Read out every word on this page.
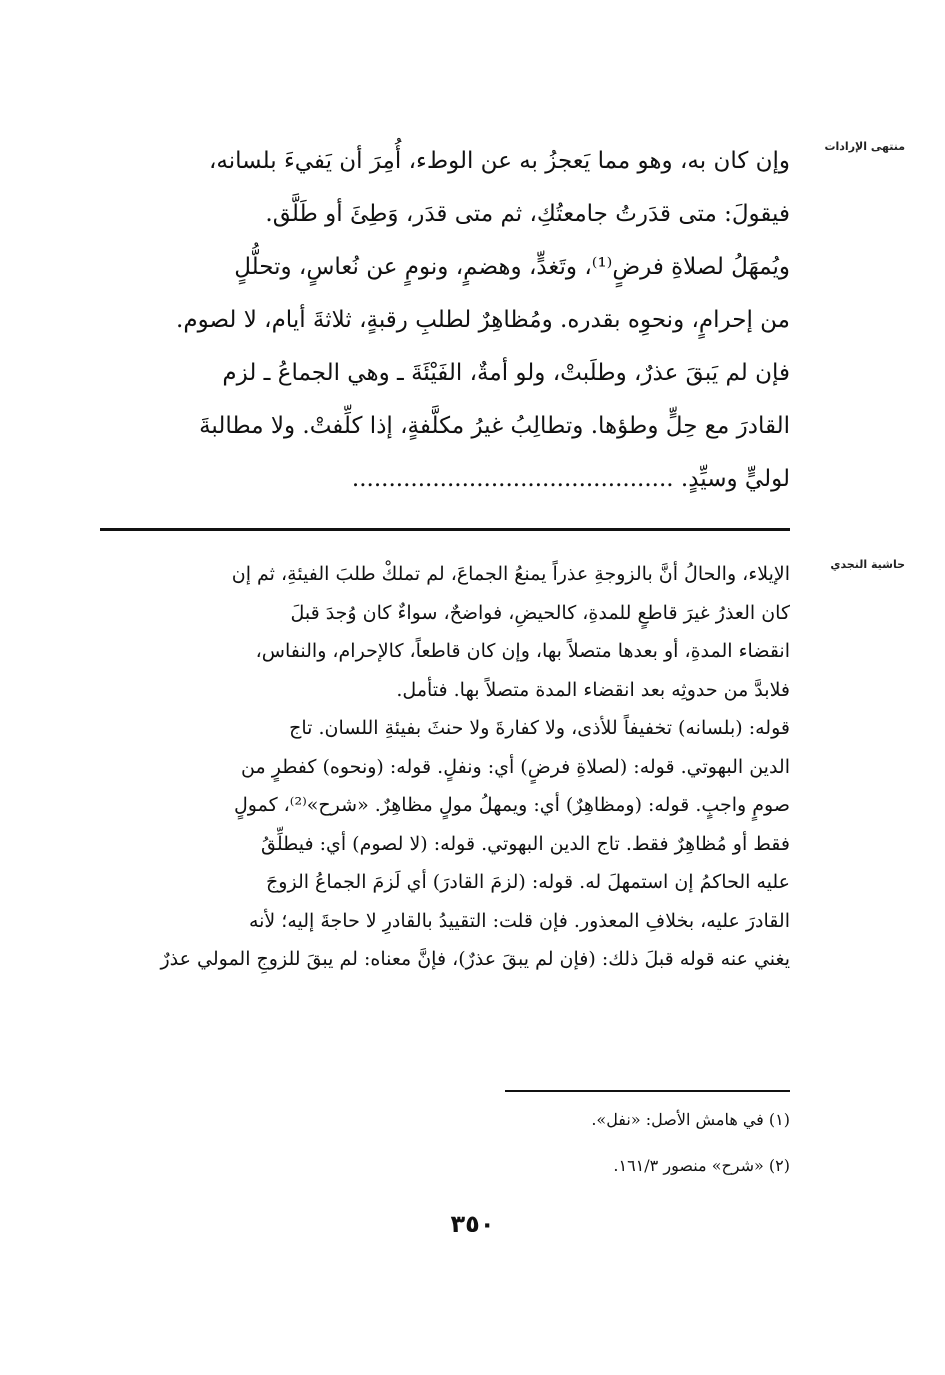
منتهى الإرادات
وإن كان به، وهو مما يَعجزُ به عن الوطء، أُمِرَ أن يَفيءَ بلسانه،
فيقولَ: متى قدَرتُ جامعتُكِ، ثم متى قدَر، وَطِئَ أو طَلَّق.
ويُمهَلُ لصلاةِ فرضٍ⁽¹⁾، وتَغدٍّ، وهضمٍ، ونومٍ عن نُعاسٍ، وتحلُّلٍ
من إحرامٍ، ونحوِه بقدره. ومُظاهِرٌ لطلبِ رقبةٍ، ثلاثةَ أيام، لا لصوم.
فإن لم يَبقَ عذرٌ، وطلَبتْ، ولو أمةٌ، الفَيْئَةَ ـ وهي الجماعُ ـ لزم
القادرَ مع حِلٍّ وطؤها. وتطالِبُ غيرُ مكلَّفةٍ، إذا كلِّفتْ. ولا مطالبةَ
لوليٍّ وسيِّدٍ. ............................................
حاشية النجدي
الإيلاء، والحالُ أنَّ بالزوجةِ عذراً يمنعُ الجماعَ، لم تملكْ طلبَ الفيئةِ، ثم إن
كان العذرُ غيرَ قاطعٍ للمدةِ، كالحيضِ، فواضحٌ، سواءٌ كان وُجدَ قبلَ
انقضاء المدةِ، أو بعدها متصلاً بها، وإن كان قاطعاً، كالإحرام، والنفاس،
فلابدَّ من حدوثِه بعد انقضاء المدة متصلاً بها. فتأمل.
قوله: (بلسانه) تخفيفاً للأذى، ولا كفارةَ ولا حنثَ بفيئةِ اللسان. تاج
الدين البهوتي. قوله: (لصلاةِ فرضٍ) أي: ونفلٍ. قوله: (ونحوه) كفطرٍ من
صومٍ واجبٍ. قوله: (ومظاهِرٌ) أي: ويمهلُ مولٍ مظاهِرٌ. «شرح»⁽²⁾، كمولٍ
فقط أو مُظاهِرٌ فقط. تاج الدين البهوتي. قوله: (لا لصوم) أي: فيطلِّقُ
عليه الحاكمُ إن استمهلَ له. قوله: (لزمَ القادرَ) أي لَزمَ الجماعُ الزوجَ
القادرَ عليه، بخلافِ المعذور. فإن قلت: التقييدُ بالقادرِ لا حاجةَ إليه؛ لأنه
يغني عنه قوله قبلَ ذلك: (فإن لم يبقَ عذرٌ)، فإنَّ معناه: لم يبقَ للزوجِ المولي عذرٌ
(١) في هامش الأصل: «نفل».
(٢) «شرح» منصور ١٦١/٣.
٣٥٠
